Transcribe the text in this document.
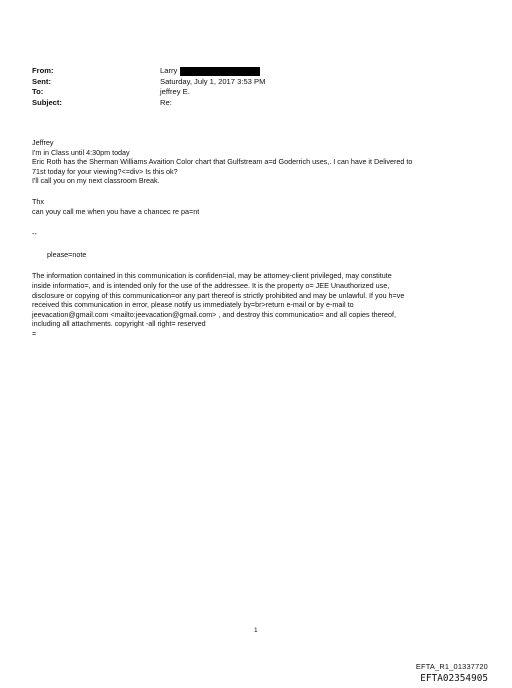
From:	Larry
Sent:	Saturday, July 1, 2017 3:53 PM
To:	jeffrey E.
Subject:	Re:

Jeffrey

I'm in Class until 4:30pm today

Eric Roth has the Sherman Williams Avaition Color chart that Gulfstream a=d Goderrich uses,. I can have it Delivered to

71st today for your viewing?<=div> Is this ok?

I'll call you on my next classroom Break.

Thx

can youy call me when you have a chancec re pa=nt

--

please=note

The information contained in this communication is confiden=ial, may be attorney-client privileged, may constitute

inside informatio=, and is intended only for the use of the addressee. It is the property o= JEE Unauthorized use,

disclosure or copying of this communication=or any part thereof is strictly prohibited and may be unlawful. If you h=ve

received this communication in error, please notify us immediately by=br>return e-mail or by e-mail to

jeevacation@gmail.com <mailto:jeevacation@gmail.com> , and destroy this communicatio= and all copies thereof,

including all attachments. copyright -all right= reserved

=

1
EFTA_R1_01337720
EFTA02354905
